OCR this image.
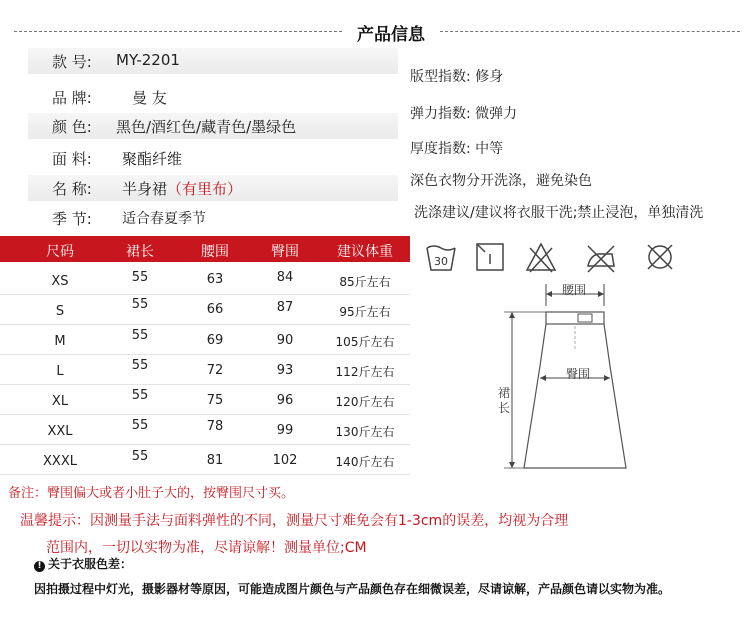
产品信息
款 号: MY-2201
品 牌:	曼 友
颜 色: 黑色/酒红色/藏青色/墨绿色
面 料: 聚酯纤维
名 称: 半身裙（有里布）
季 节: 适合春夏季节
版型指数: 修身
弹力指数: 微弹力
厚度指数: 中等
深色衣物分开洗涤，避免染色
洗涤建议/建议将衣服干洗;禁止浸泡，单独清洗
30
腰围
臀围
裙长
尺码	裙长	腰围	臀围	建议体重
XS	55	63	84	85斤左右
S	55	66	87	95斤左右
M	55	69	90	105斤左右
L	55	72	93	112斤左右
XL	55	75	96	120斤左右
XXL	55	78	99	130斤左右
XXXL	55	81	102	140斤左右
备注：臀围偏大或者小肚子大的，按臀围尺寸买。
温馨提示：因测量手法与面料弹性的不同，测量尺寸难免会有1-3cm的误差，均视为合理
范围内，一切以实物为准，尽请谅解！测量单位;CM
! 关于衣服色差：
因拍摄过程中灯光，摄影器材等原因，可能造成图片颜色与产品颜色存在细微误差，尽请谅解，产品颜色请以实物为准。
